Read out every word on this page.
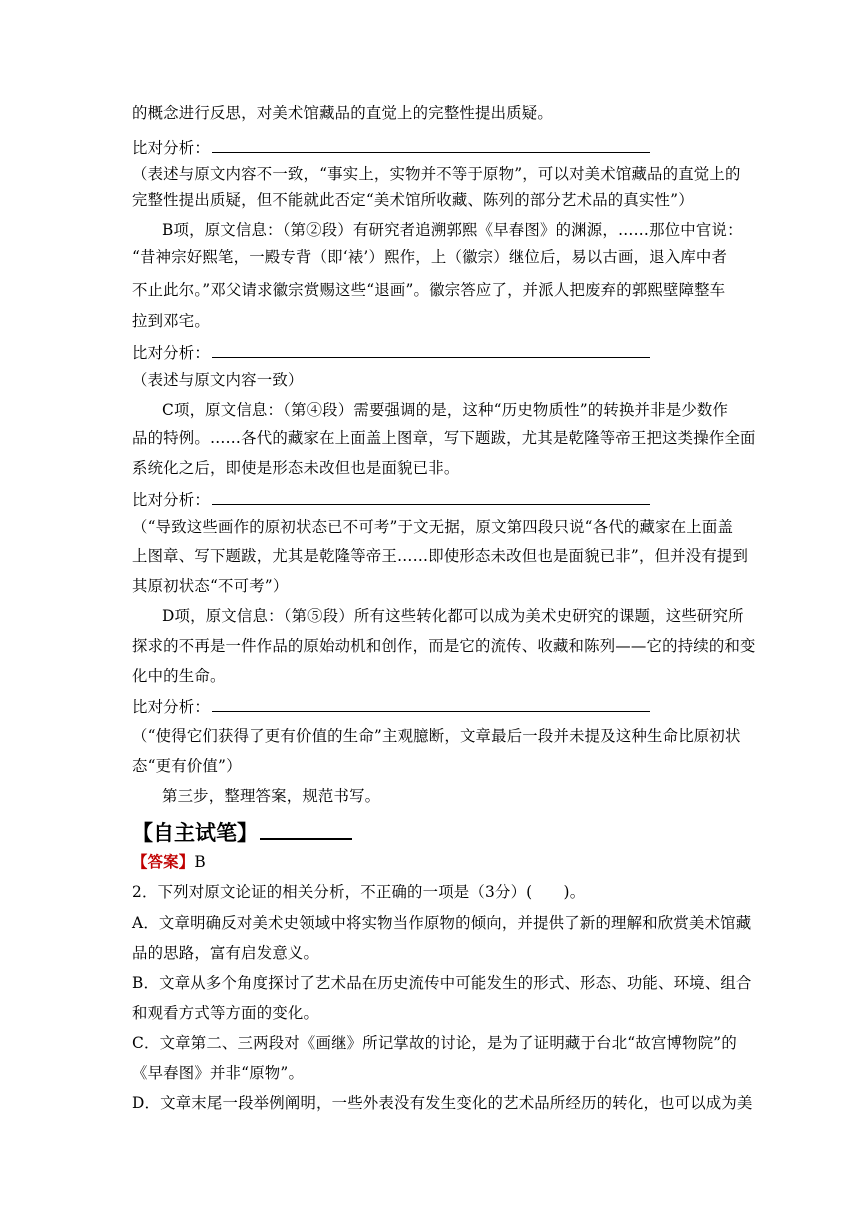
的概念进行反思，对美术馆藏品的直觉上的完整性提出质疑。
比对分析：
（表述与原文内容不一致，“事实上，实物并不等于原物”，可以对美术馆藏品的直觉上的
完整性提出质疑，但不能就此否定“美术馆所收藏、陈列的部分艺术品的真实性”）
B项，原文信息：（第②段）有研究者追溯郭熙《早春图》的渊源，……那位中官说：
“昔神宗好熙笔，一殿专背（即‘裱’）熙作，上（徽宗）继位后，易以古画，退入库中者
不止此尔。”邓父请求徽宗赏赐这些“退画”。徽宗答应了，并派人把废弃的郭熙壁障整车
拉到邓宅。
比对分析：
（表述与原文内容一致）
C项，原文信息：（第④段）需要强调的是，这种“历史物质性”的转换并非是少数作
品的特例。……各代的藏家在上面盖上图章，写下题跋，尤其是乾隆等帝王把这类操作全面
系统化之后，即使是形态未改但也是面貌已非。
比对分析：
（“导致这些画作的原初状态已不可考”于文无据，原文第四段只说“各代的藏家在上面盖
上图章、写下题跋，尤其是乾隆等帝王……即使形态未改但也是面貌已非”，但并没有提到
其原初状态“不可考”）
D项，原文信息：（第⑤段）所有这些转化都可以成为美术史研究的课题，这些研究所
探求的不再是一件作品的原始动机和创作，而是它的流传、收藏和陈列——它的持续的和变
化中的生命。
比对分析：
（“使得它们获得了更有价值的生命”主观臆断，文章最后一段并未提及这种生命比原初状
态“更有价值”）
第三步，整理答案，规范书写。
【自主试笔】
【答案】B
2．下列对原文论证的相关分析，不正确的一项是（3分）(　　)。
A．文章明确反对美术史领域中将实物当作原物的倾向，并提供了新的理解和欣赏美术馆藏
品的思路，富有启发意义。
B．文章从多个角度探讨了艺术品在历史流传中可能发生的形式、形态、功能、环境、组合
和观看方式等方面的变化。
C．文章第二、三两段对《画继》所记掌故的讨论，是为了证明藏于台北“故宫博物院”的
《早春图》并非“原物”。
D．文章末尾一段举例阐明，一些外表没有发生变化的艺术品所经历的转化，也可以成为美
